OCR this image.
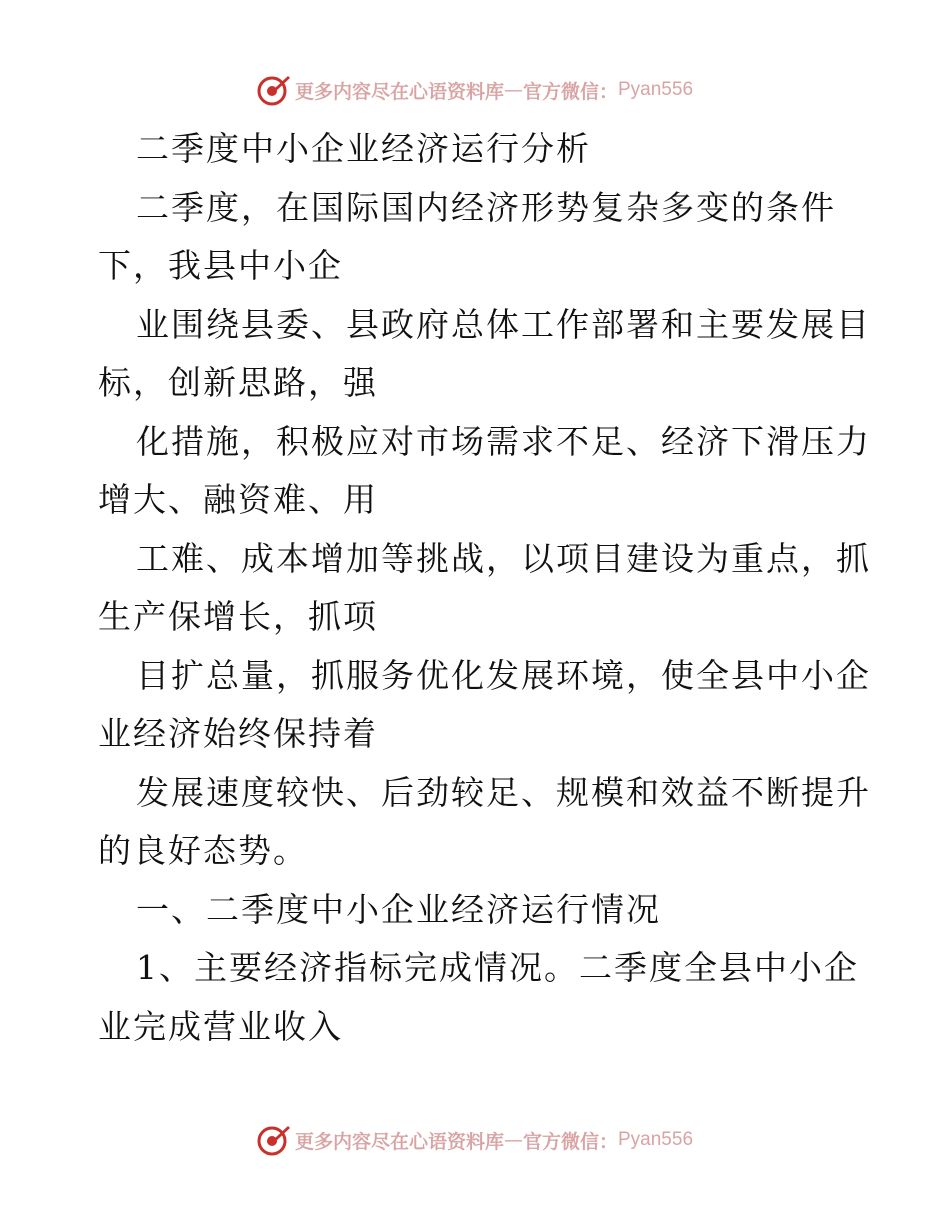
更多内容尽在心语资料库 — 官方微信： Pyan556
二季度中小企业经济运行分析
二季度，在国际国内经济形势复杂多变的条件
下，我县中小企
业围绕县委、县政府总体工作部署和主要发展目
标，创新思路，强
化措施，积极应对市场需求不足、经济下滑压力
增大、融资难、用
工难、成本增加等挑战，以项目建设为重点，抓
生产保增长，抓项
目扩总量，抓服务优化发展环境，使全县中小企
业经济始终保持着
发展速度较快、后劲较足、规模和效益不断提升
的良好态势。
一、二季度中小企业经济运行情况
1、主要经济指标完成情况。二季度全县中小企
业完成营业收入
更多内容尽在心语资料库 — 官方微信： Pyan556
